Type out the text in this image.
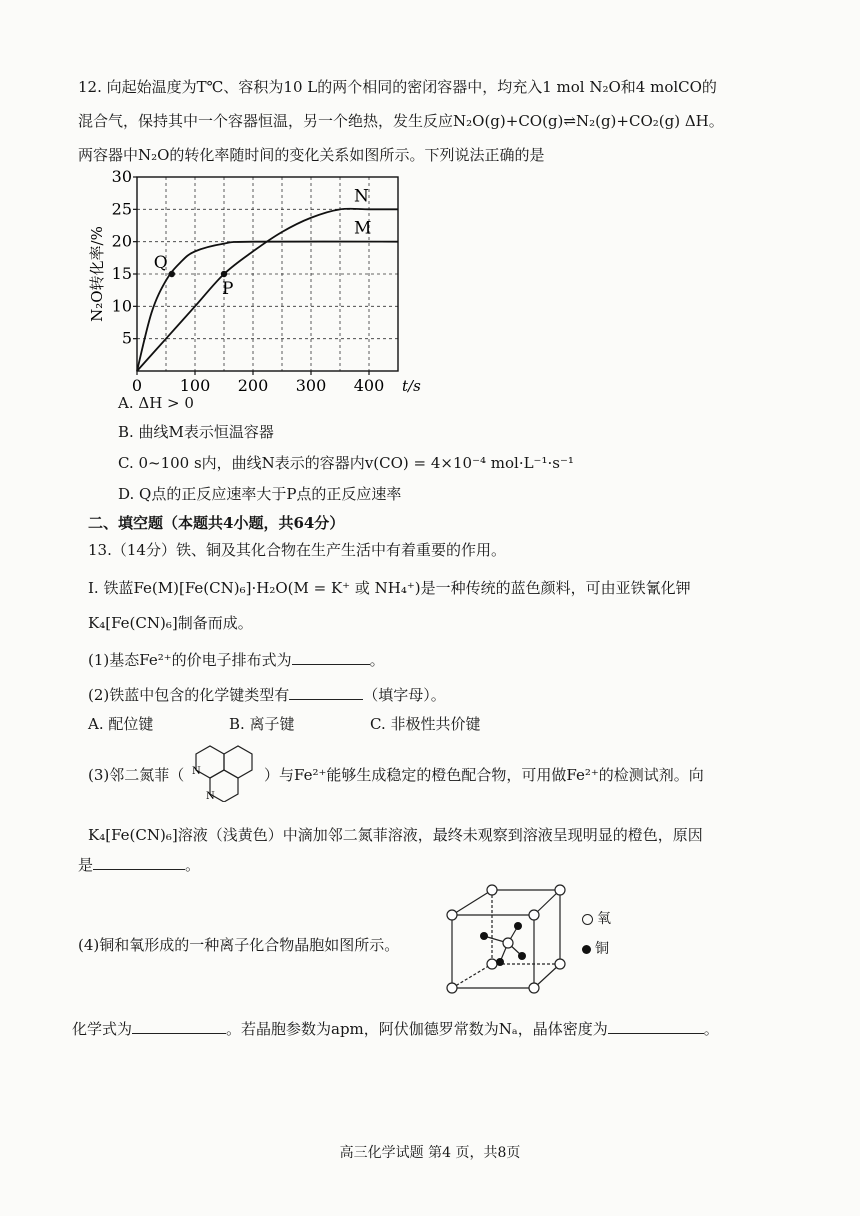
12. 向起始温度为T℃、容积为10 L的两个相同的密闭容器中，均充入1 mol N₂O和4 molCO的
混合气，保持其中一个容器恒温，另一个绝热，发生反应N₂O(g)+CO(g)⇌N₂(g)+CO₂(g) ΔH。
两容器中N₂O的转化率随时间的变化关系如图所示。下列说法正确的是
5
10
15
20
25
30
0 100 200 300 400 t/s
N₂O转化率/%
N
M
Q
P
A. ΔH > 0
B. 曲线M表示恒温容器
C. 0~100 s内，曲线N表示的容器内v(CO) = 4×10⁻⁴ mol·L⁻¹·s⁻¹
D. Q点的正反应速率大于P点的正反应速率
二、填空题（本题共4小题，共64分）
13.（14分）铁、铜及其化合物在生产生活中有着重要的作用。
I. 铁蓝Fe(M)[Fe(CN)₆]·H₂O(M = K⁺ 或 NH₄⁺)是一种传统的蓝色颜料，可由亚铁氰化钾
K₄[Fe(CN)₆]制备而成。
(1)基态Fe²⁺的价电子排布式为	。
(2)铁蓝中包含的化学键类型有	（填字母）。
A. 配位键	B. 离子键	C. 非极性共价键
(3)邻二氮菲（ N
N
）与Fe²⁺能够生成稳定的橙色配合物，可用做Fe²⁺的检测试剂。向
K₄[Fe(CN)₆]溶液（浅黄色）中滴加邻二氮菲溶液，最终未观察到溶液呈现明显的橙色，原因
是	。
(4)铜和氧形成的一种离子化合物晶胞如图所示。
氧
铜
化学式为	。若晶胞参数为apm，阿伏伽德罗常数为Nₐ，晶体密度为	。
高三化学试题 第4 页，共8页
